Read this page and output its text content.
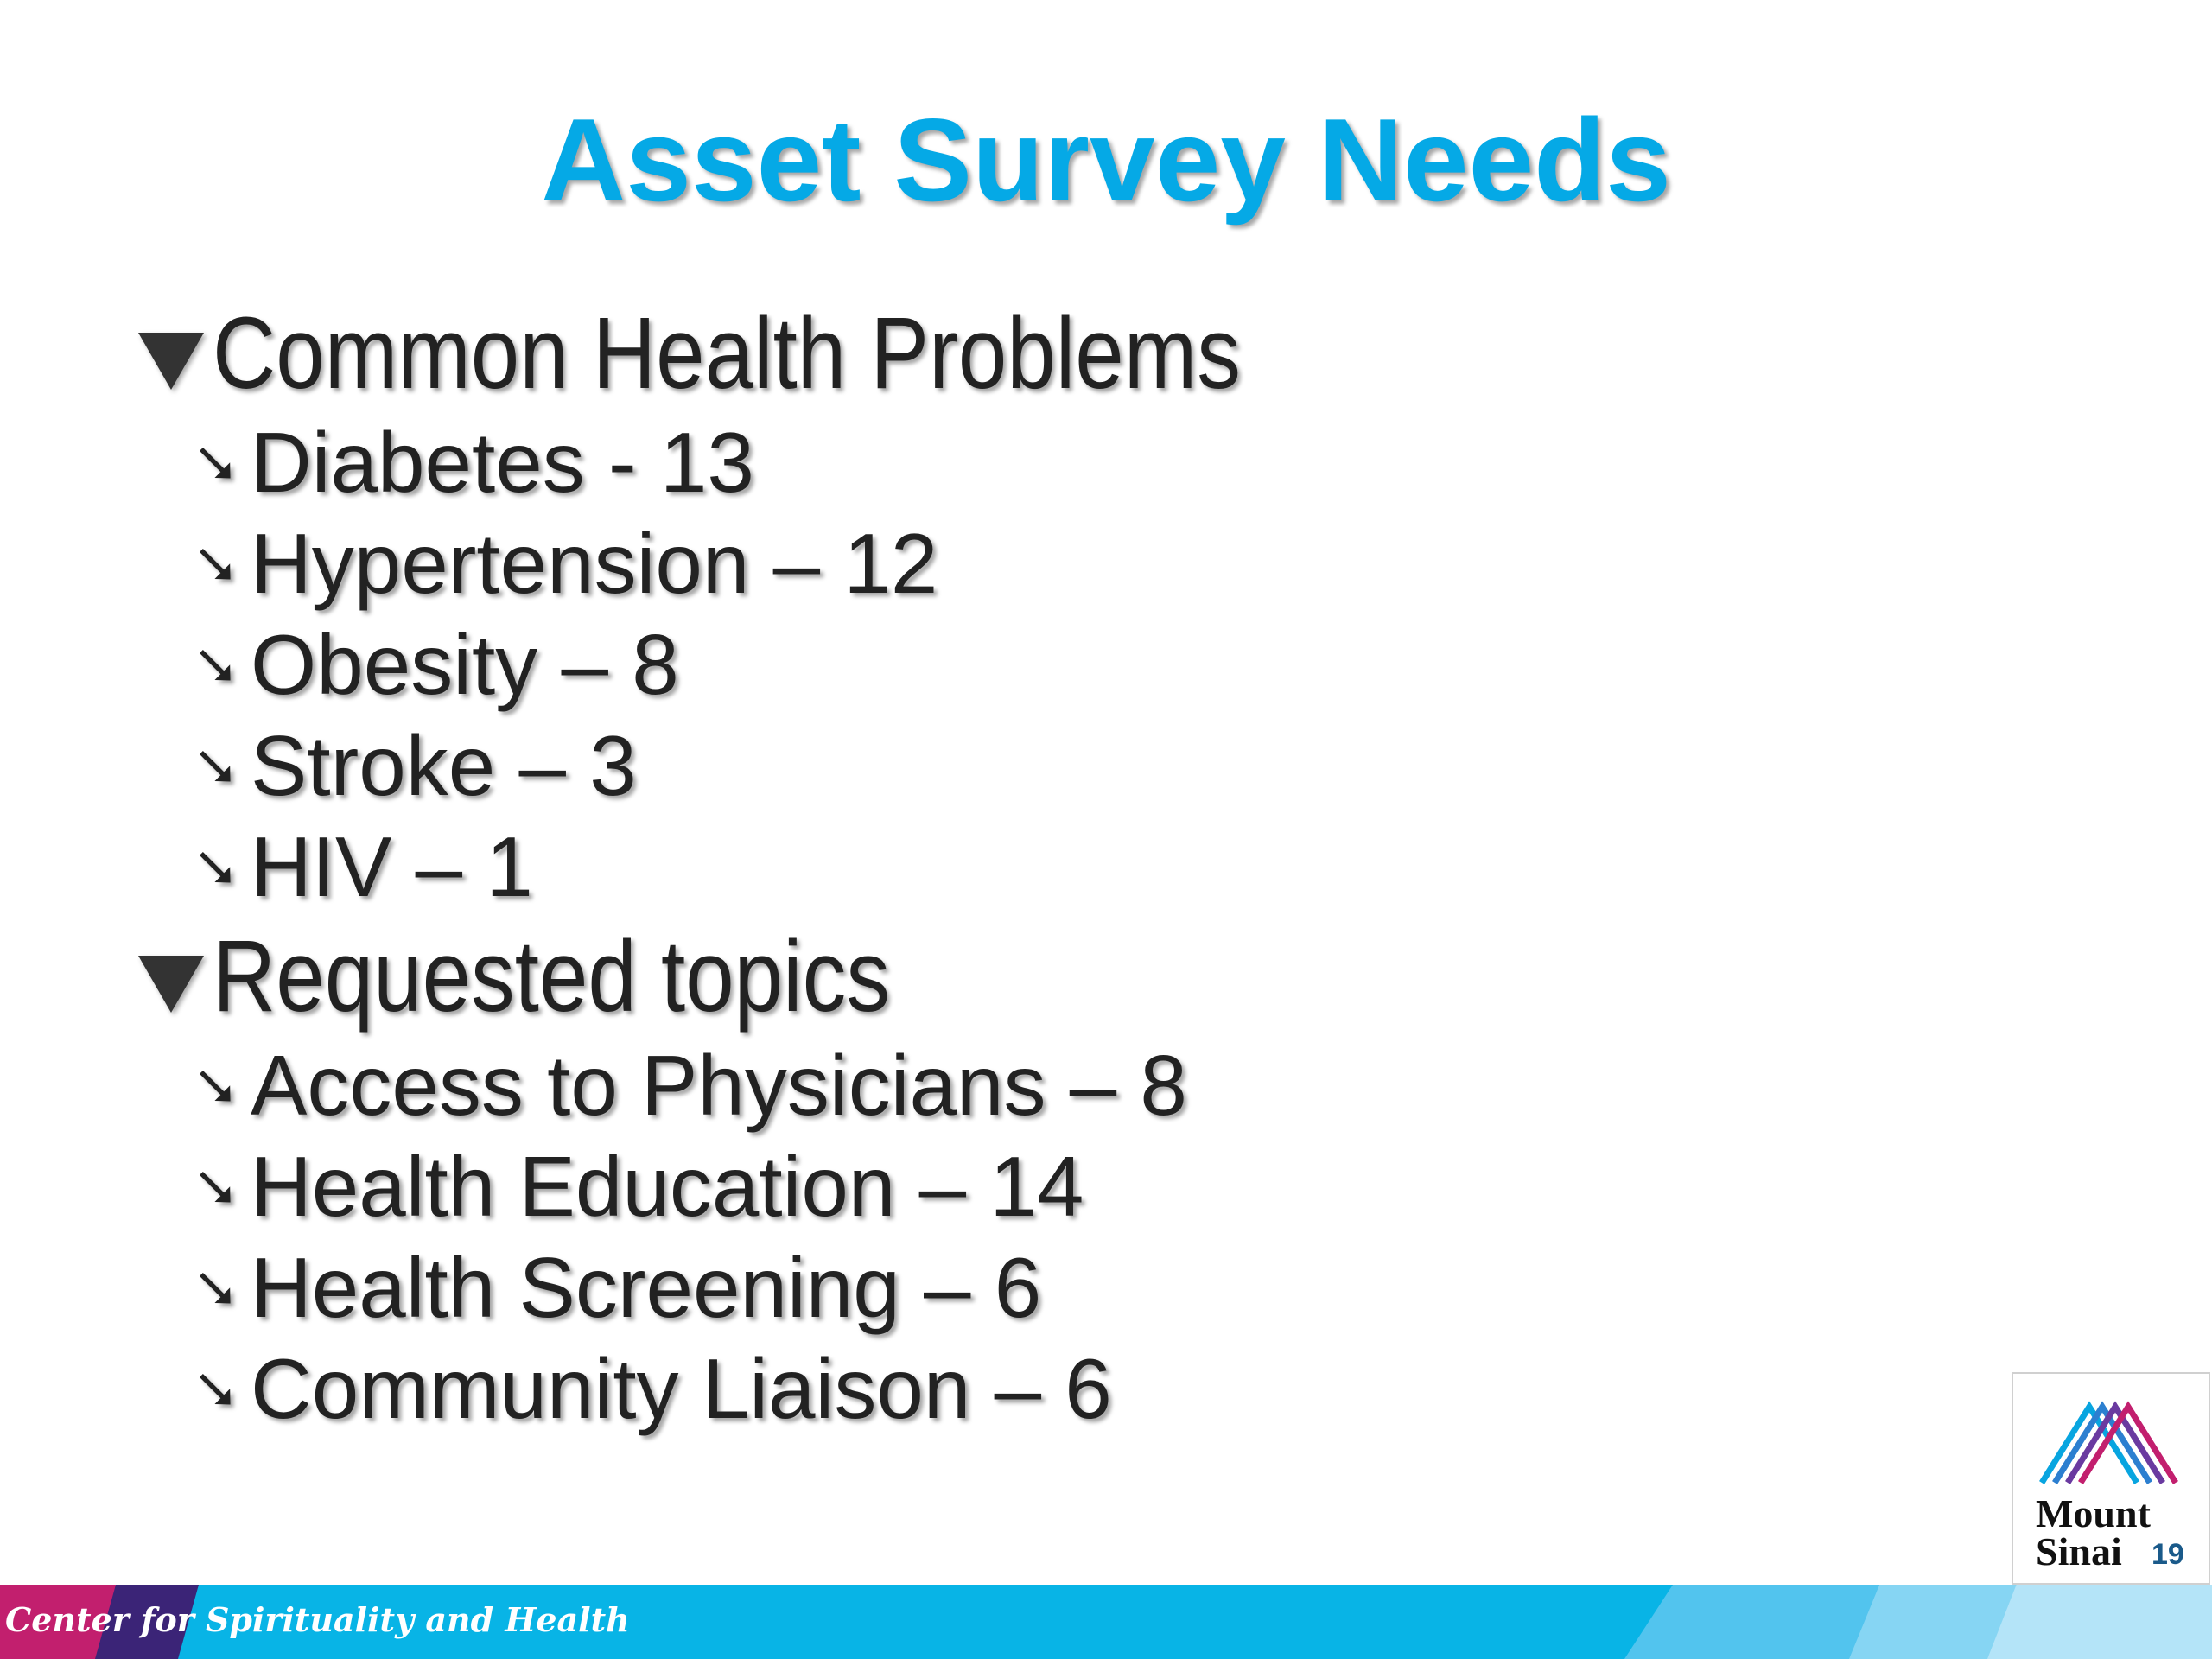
Asset Survey Needs
Common Health Problems
⭨ Diabetes - 13
⭨ Hypertension – 12
⭨ Obesity – 8
⭨ Stroke – 3
⭨ HIV – 1
Requested topics
⭨ Access to Physicians – 8
⭨ Health Education – 14
⭨ Health Screening – 6
⭨ Community Liaison – 6
Mount
Sinai	19
Center for Spirituality and Health
